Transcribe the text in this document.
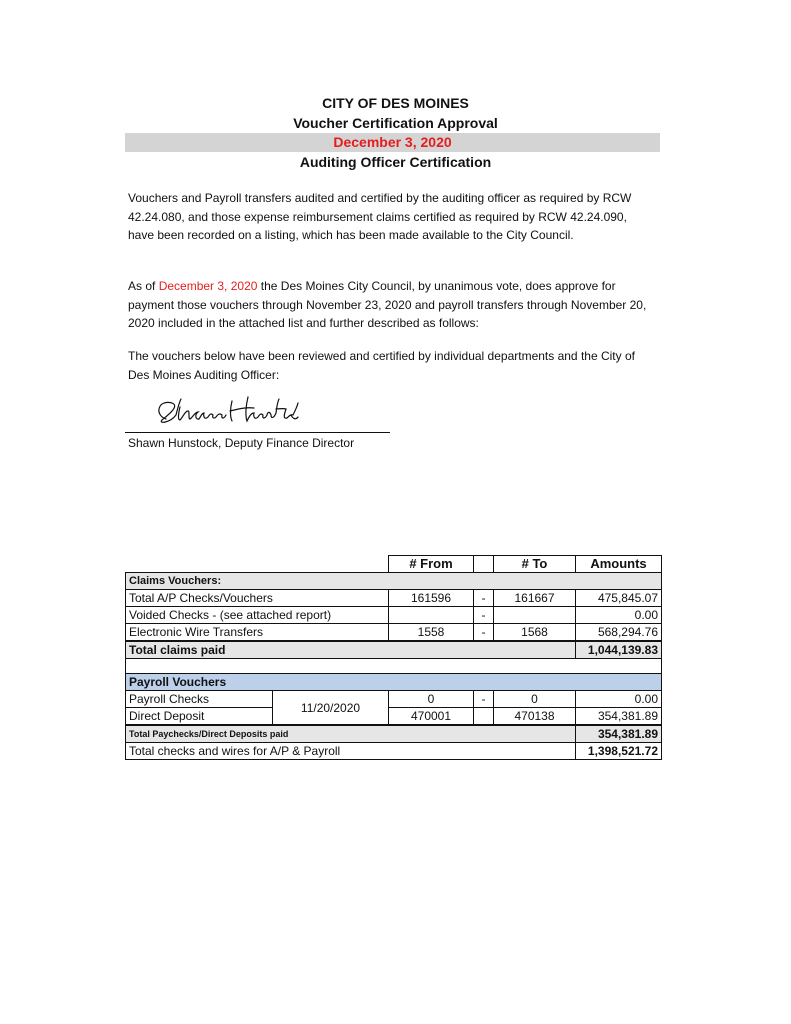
CITY OF DES MOINES
Voucher Certification Approval
December 3, 2020
Auditing Officer Certification

Vouchers and Payroll transfers audited and certified by the auditing officer as required by RCW 42.24.080, and those expense reimbursement claims certified as required by RCW 42.24.090, have been recorded on a listing, which has been made available to the City Council.

As of December 3, 2020 the Des Moines City Council, by unanimous vote, does approve for payment those vouchers through November 23, 2020 and payroll transfers through November 20, 2020 included in the attached list and further described as follows:

The vouchers below have been reviewed and certified by individual departments and the City of Des Moines Auditing Officer:

Shawn Hunstock, Deputy Finance Director
			# From		# To	Amounts
Claims Vouchers:						
Total A/P Checks/Vouchers			161596	-	161667	475,845.07
Voided Checks - (see attached report)				-		0.00
Electronic Wire Transfers			1558	-	1568	568,294.76
Total claims paid						1,044,139.83

Payroll Vouchers						
Payroll Checks	11/20/2020		0	-	0	0.00
Direct Deposit			470001		470138	354,381.89
Total Paychecks/Direct Deposits paid						354,381.89
Total checks and wires for A/P & Payroll						1,398,521.72
